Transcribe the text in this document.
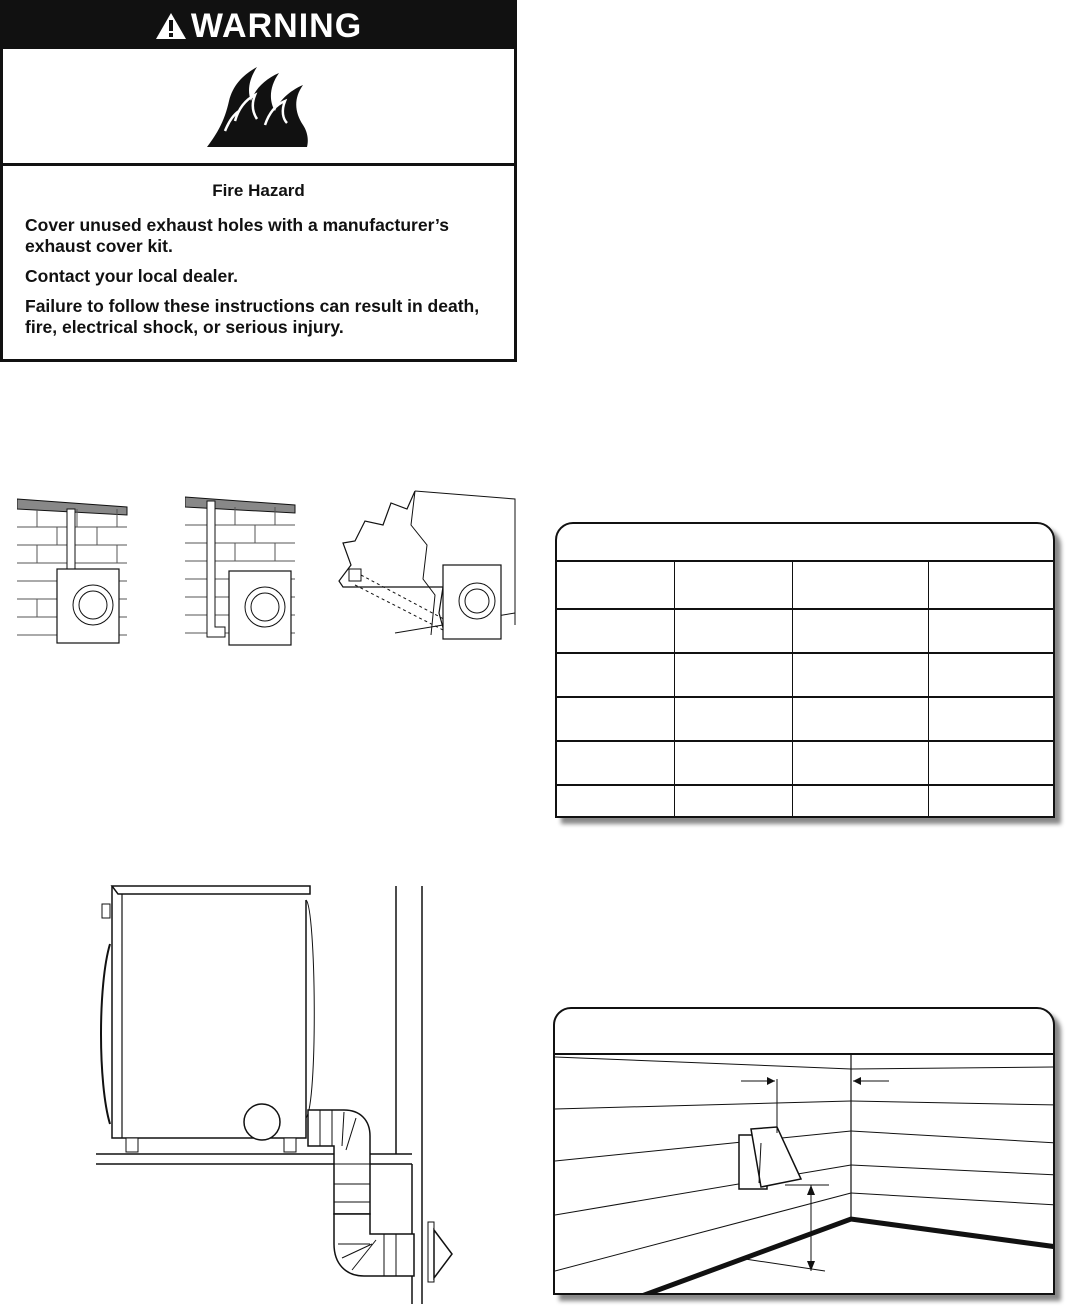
WARNING
Fire Hazard

Cover unused exhaust holes with a manufacturer’s exhaust cover kit.

Contact your local dealer.

Failure to follow these instructions can result in death, fire, electrical shock, or serious injury.
